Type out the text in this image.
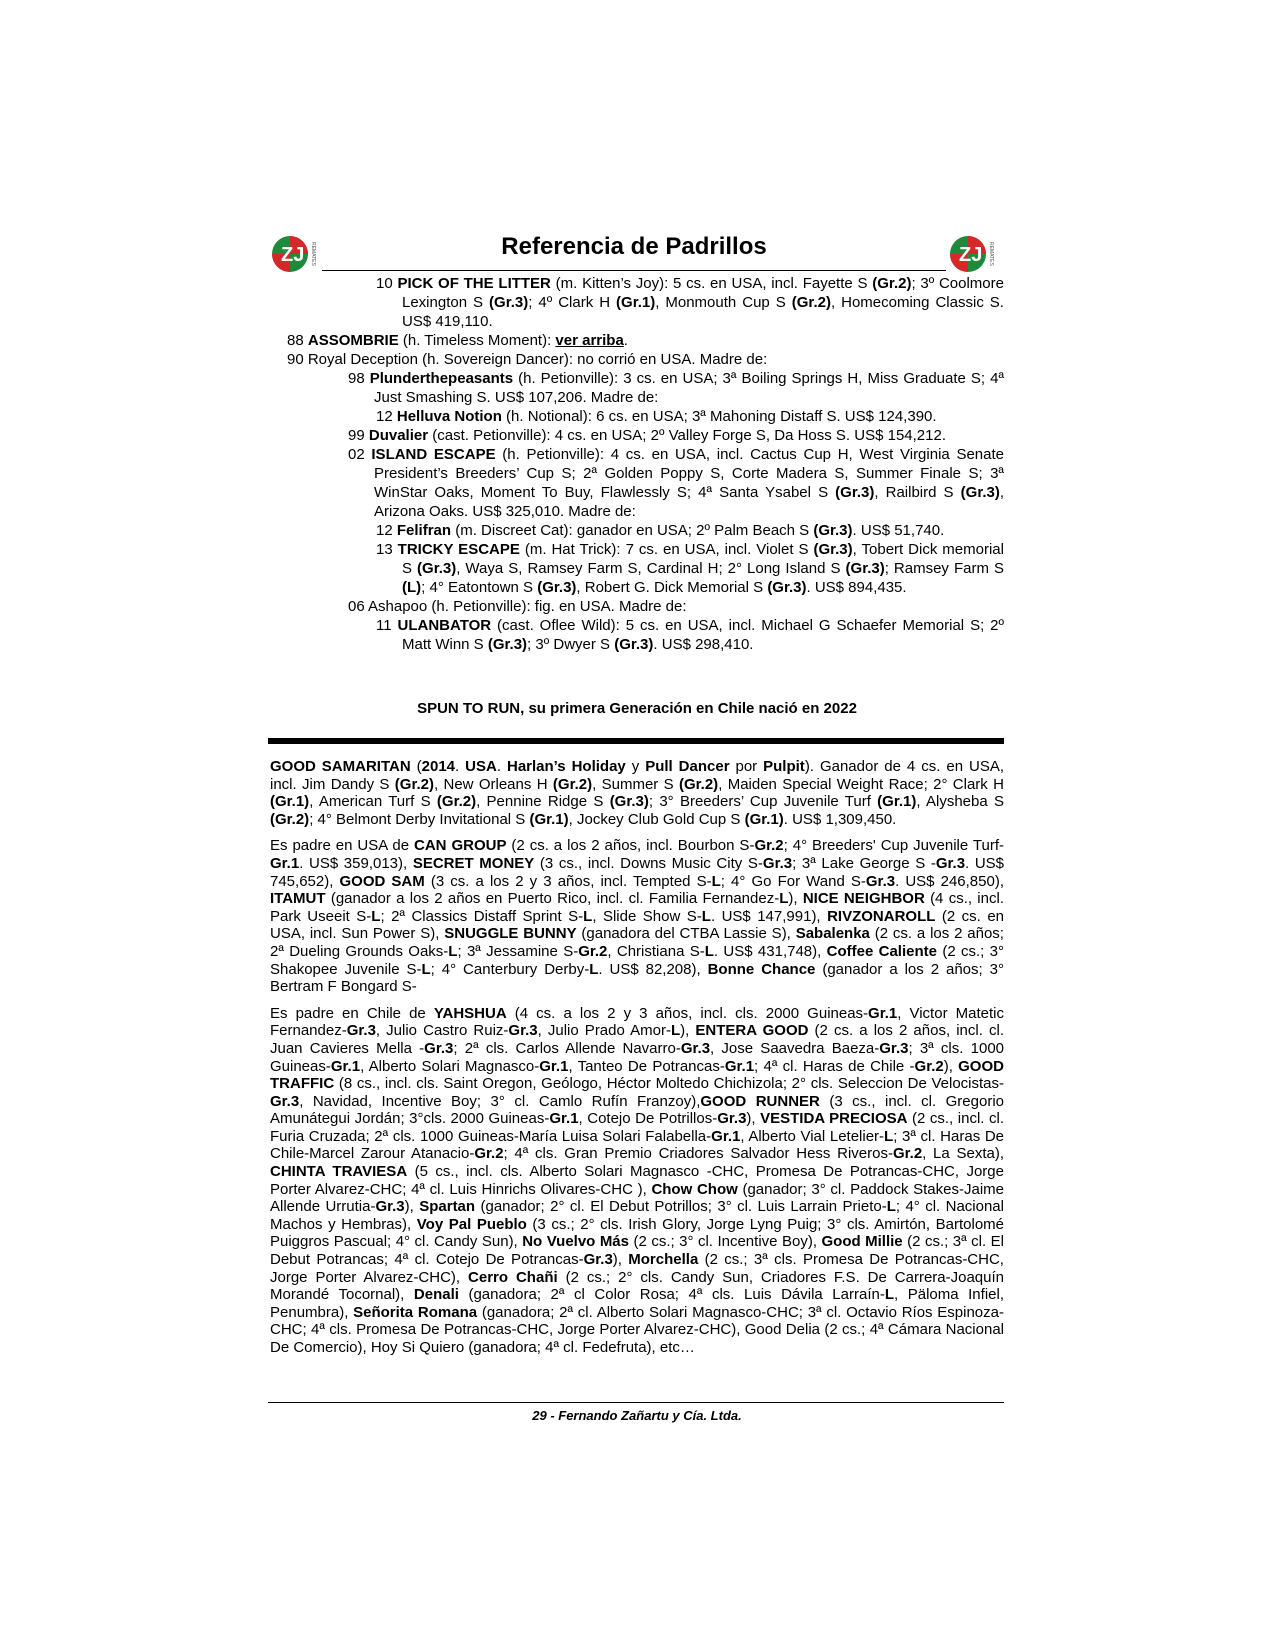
ZJ REMATES	Referencia de Padrillos	ZJ REMATES
10 PICK OF THE LITTER (m. Kitten’s Joy): 5 cs. en USA, incl. Fayette S (Gr.2); 3º Coolmore Lexington S (Gr.3); 4º Clark H (Gr.1), Monmouth Cup S (Gr.2), Homecoming Classic S. US$ 419,110.
88 ASSOMBRIE (h. Timeless Moment): ver arriba.
90 Royal Deception (h. Sovereign Dancer): no corrió en USA. Madre de:
98 Plunderthepeasants (h. Petionville): 3 cs. en USA; 3ª Boiling Springs H, Miss Graduate S; 4ª Just Smashing S. US$ 107,206. Madre de:
12 Helluva Notion (h. Notional): 6 cs. en USA; 3ª Mahoning Distaff S. US$ 124,390.
99 Duvalier (cast. Petionville): 4 cs. en USA; 2º Valley Forge S, Da Hoss S. US$ 154,212.
02 ISLAND ESCAPE (h. Petionville): 4 cs. en USA, incl. Cactus Cup H, West Virginia Senate President’s Breeders’ Cup S; 2ª Golden Poppy S, Corte Madera S, Summer Finale S; 3ª WinStar Oaks, Moment To Buy, Flawlessly S; 4ª Santa Ysabel S (Gr.3), Railbird S (Gr.3), Arizona Oaks. US$ 325,010. Madre de:
12 Felifran (m. Discreet Cat): ganador en USA; 2º Palm Beach S (Gr.3). US$ 51,740.
13 TRICKY ESCAPE (m. Hat Trick): 7 cs. en USA, incl. Violet S (Gr.3), Tobert Dick memorial S (Gr.3), Waya S, Ramsey Farm S, Cardinal H; 2° Long Island S (Gr.3); Ramsey Farm S (L); 4° Eatontown S (Gr.3), Robert G. Dick Memorial S (Gr.3). US$ 894,435.
06 Ashapoo (h. Petionville): fig. en USA. Madre de:
11 ULANBATOR (cast. Oflee Wild): 5 cs. en USA, incl. Michael G Schaefer Memorial S; 2º Matt Winn S (Gr.3); 3º Dwyer S (Gr.3). US$ 298,410.
SPUN TO RUN, su primera Generación en Chile nació en 2022

GOOD SAMARITAN (2014. USA. Harlan’s Holiday y Pull Dancer por Pulpit). Ganador de 4 cs. en USA, incl. Jim Dandy S (Gr.2), New Orleans H (Gr.2), Summer S (Gr.2), Maiden Special Weight Race; 2° Clark H (Gr.1), American Turf S (Gr.2), Pennine Ridge S (Gr.3); 3° Breeders’ Cup Juvenile Turf (Gr.1), Alysheba S (Gr.2); 4° Belmont Derby Invitational S (Gr.1), Jockey Club Gold Cup S (Gr.1). US$ 1,309,450.

Es padre en USA de CAN GROUP (2 cs. a los 2 años, incl. Bourbon S-Gr.2; 4° Breeders' Cup Juvenile Turf-Gr.1. US$ 359,013), SECRET MONEY (3 cs., incl. Downs Music City S-Gr.3; 3ª Lake George S -Gr.3. US$ 745,652), GOOD SAM (3 cs. a los 2 y 3 años, incl. Tempted S-L; 4° Go For Wand S-Gr.3. US$ 246,850), ITAMUT (ganador a los 2 años en Puerto Rico, incl. cl. Familia Fernandez-L), NICE NEIGHBOR (4 cs., incl. Park Useeit S-L; 2ª Classics Distaff Sprint S-L, Slide Show S-L. US$ 147,991), RIVZONAROLL (2 cs. en USA, incl. Sun Power S), SNUGGLE BUNNY (ganadora del CTBA Lassie S), Sabalenka (2 cs. a los 2 años; 2ª Dueling Grounds Oaks-L; 3ª Jessamine S-Gr.2, Christiana S-L. US$ 431,748), Coffee Caliente (2 cs.; 3° Shakopee Juvenile S-L; 4° Canterbury Derby-L. US$ 82,208), Bonne Chance (ganador a los 2 años; 3° Bertram F Bongard S-

Es padre en Chile de YAHSHUA (4 cs. a los 2 y 3 años, incl. cls. 2000 Guineas-Gr.1, Victor Matetic Fernandez-Gr.3, Julio Castro Ruiz-Gr.3, Julio Prado Amor-L), ENTERA GOOD (2 cs. a los 2 años, incl. cl. Juan Cavieres Mella -Gr.3; 2ª cls. Carlos Allende Navarro-Gr.3, Jose Saavedra Baeza-Gr.3; 3ª cls. 1000 Guineas-Gr.1, Alberto Solari Magnasco-Gr.1, Tanteo De Potrancas-Gr.1; 4ª cl. Haras de Chile -Gr.2), GOOD TRAFFIC (8 cs., incl. cls. Saint Oregon, Geólogo, Héctor Moltedo Chichizola; 2° cls. Seleccion De Velocistas-Gr.3, Navidad, Incentive Boy; 3° cl. Camlo Rufín Franzoy),GOOD RUNNER (3 cs., incl. cl. Gregorio Amunátegui Jordán; 3°cls. 2000 Guineas-Gr.1, Cotejo De Potrillos-Gr.3), VESTIDA PRECIOSA (2 cs., incl. cl. Furia Cruzada; 2ª cls. 1000 Guineas-María Luisa Solari Falabella-Gr.1, Alberto Vial Letelier-L; 3ª cl. Haras De Chile-Marcel Zarour Atanacio-Gr.2; 4ª cls. Gran Premio Criadores Salvador Hess Riveros-Gr.2, La Sexta), CHINTA TRAVIESA (5 cs., incl. cls. Alberto Solari Magnasco -CHC, Promesa De Potrancas-CHC, Jorge Porter Alvarez-CHC; 4ª cl. Luis Hinrichs Olivares-CHC ), Chow Chow (ganador; 3° cl. Paddock Stakes-Jaime Allende Urrutia-Gr.3), Spartan (ganador; 2° cl. El Debut Potrillos; 3° cl. Luis Larrain Prieto-L; 4° cl. Nacional Machos y Hembras), Voy Pal Pueblo (3 cs.; 2° cls. Irish Glory, Jorge Lyng Puig; 3° cls. Amirtón, Bartolomé Puiggros Pascual; 4° cl. Candy Sun), No Vuelvo Más (2 cs.; 3° cl. Incentive Boy), Good Millie (2 cs.; 3ª cl. El Debut Potrancas; 4ª cl. Cotejo De Potrancas-Gr.3), Morchella (2 cs.; 3ª cls. Promesa De Potrancas-CHC, Jorge Porter Alvarez-CHC), Cerro Chañi (2 cs.; 2° cls. Candy Sun, Criadores F.S. De Carrera-Joaquín Morandé Tocornal), Denali (ganadora; 2ª cl Color Rosa; 4ª cls. Luis Dávila Larraín-L, Päloma Infiel, Penumbra), Señorita Romana (ganadora; 2ª cl. Alberto Solari Magnasco-CHC; 3ª cl. Octavio Ríos Espinoza-CHC; 4ª cls. Promesa De Potrancas-CHC, Jorge Porter Alvarez-CHC), Good Delia (2 cs.; 4ª Cámara Nacional De Comercio), Hoy Si Quiero (ganadora; 4ª cl. Fedefruta), etc…

29 - Fernando Zañartu y Cía. Ltda.
